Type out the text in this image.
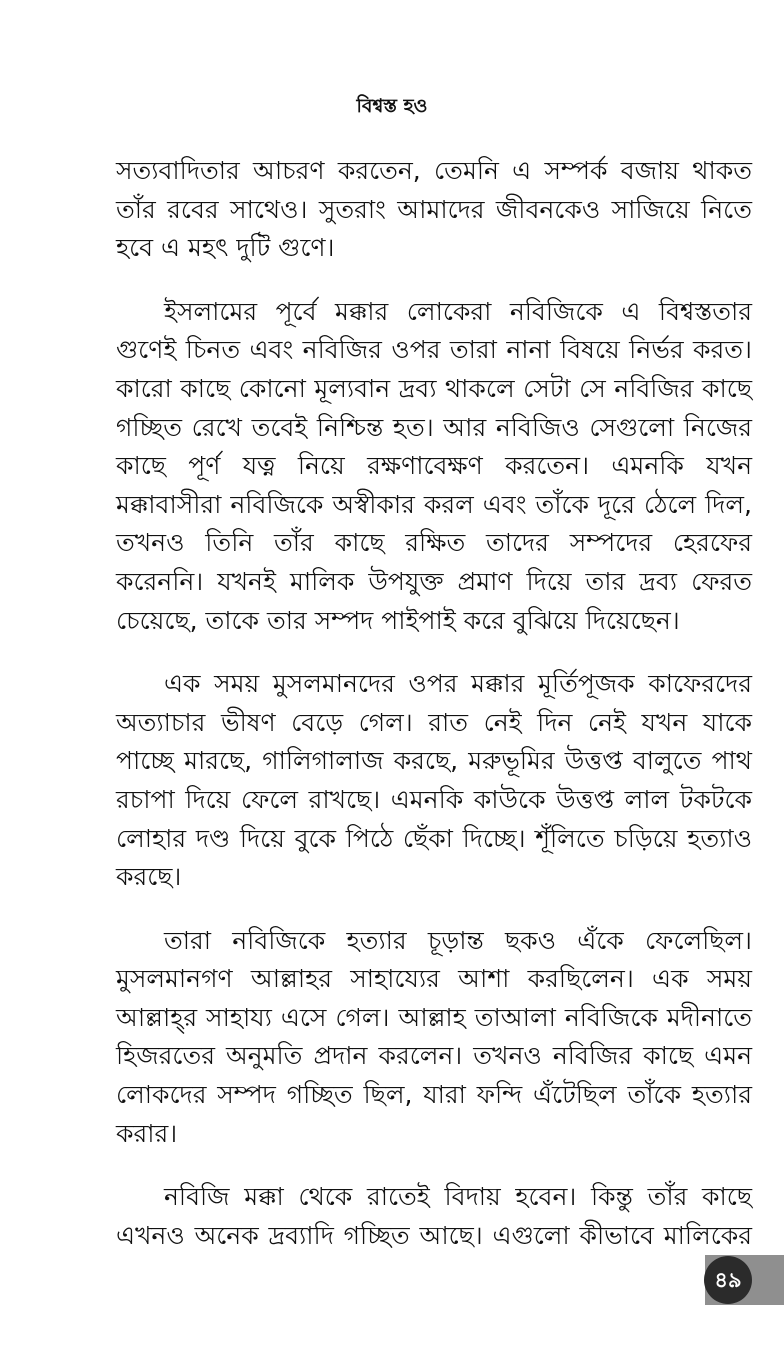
বিশ্বস্ত হও

সত্যবাদিতার আচরণ করতেন, তেমনি এ সম্পর্ক বজায় থাকত
তাঁর রবের সাথেও। সুতরাং আমাদের জীবনকেও সাজিয়ে নিতে
হবে এ মহৎ দুটি গুণে।

ইসলামের পূর্বে মক্কার লোকেরা নবিজিকে এ বিশ্বস্ততার
গুণেই চিনত এবং নবিজির ওপর তারা নানা বিষয়ে নির্ভর করত।
কারো কাছে কোনো মূল্যবান দ্রব্য থাকলে সেটা সে নবিজির কাছে
গচ্ছিত রেখে তবেই নিশ্চিন্ত হত। আর নবিজিও সেগুলো নিজের
কাছে পূর্ণ যত্ন নিয়ে রক্ষণাবেক্ষণ করতেন। এমনকি যখন
মক্কাবাসীরা নবিজিকে অস্বীকার করল এবং তাঁকে দূরে ঠেলে দিল,
তখনও তিনি তাঁর কাছে রক্ষিত তাদের সম্পদের হেরফের
করেননি। যখনই মালিক উপযুক্ত প্রমাণ দিয়ে তার দ্রব্য ফেরত
চেয়েছে, তাকে তার সম্পদ পাইপাই করে বুঝিয়ে দিয়েছেন।

এক সময় মুসলমানদের ওপর মক্কার মূর্তিপূজক কাফেরদের
অত্যাচার ভীষণ বেড়ে গেল। রাত নেই দিন নেই যখন যাকে
পাচ্ছে মারছে, গালিগালাজ করছে, মরুভূমির উত্তপ্ত বালুতে পাথ
রচাপা দিয়ে ফেলে রাখছে। এমনকি কাউকে উত্তপ্ত লাল টকটকে
লোহার দণ্ড দিয়ে বুকে পিঠে ছেঁকা দিচ্ছে। শূঁলিতে চড়িয়ে হত্যাও
করছে।

তারা নবিজিকে হত্যার চূড়ান্ত ছকও এঁকে ফেলেছিল।
মুসলমানগণ আল্লাহর সাহায্যের আশা করছিলেন। এক সময়
আল্লাহ্‌র সাহায্য এসে গেল। আল্লাহ তাআলা নবিজিকে মদীনাতে
হিজরতের অনুমতি প্রদান করলেন। তখনও নবিজির কাছে এমন
লোকদের সম্পদ গচ্ছিত ছিল, যারা ফন্দি এঁটেছিল তাঁকে হত্যার
করার।

নবিজি মক্কা থেকে রাতেই বিদায় হবেন। কিন্তু তাঁর কাছে
এখনও অনেক দ্রব্যাদি গচ্ছিত আছে। এগুলো কীভাবে মালিকের

৪৯
